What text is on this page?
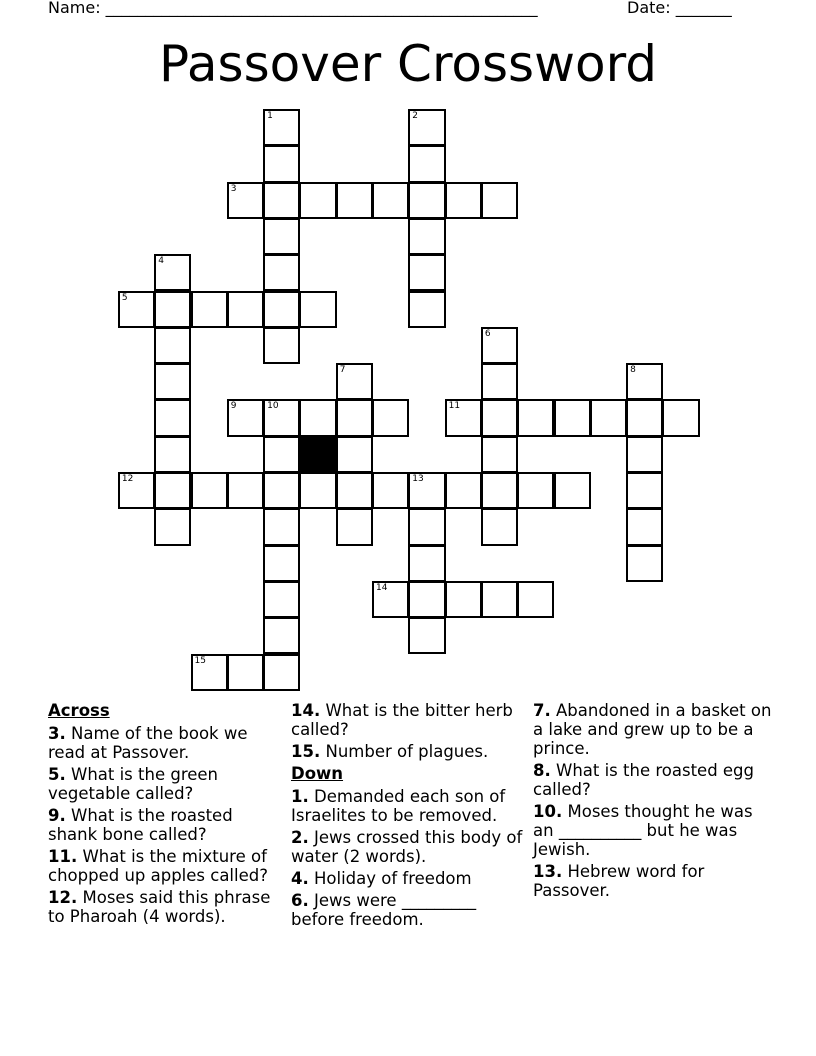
Name: ______________________________________________________	Date: _______
Passover Crossword
1	2
3
4
5
6
7	8
9	10	11
12	13
14
15
Across
3. Name of the book we read at Passover.
5. What is the green vegetable called?
9. What is the roasted shank bone called?
11. What is the mixture of chopped up apples called?
12. Moses said this phrase to Pharoah (4 words).
14. What is the bitter herb called?
15. Number of plagues.
Down
1. Demanded each son of Israelites to be removed.
2. Jews crossed this body of water (2 words).
4. Holiday of freedom
6. Jews were _________ before freedom.
7. Abandoned in a basket on a lake and grew up to be a prince.
8. What is the roasted egg called?
10. Moses thought he was an __________ but he was Jewish.
13. Hebrew word for Passover.
